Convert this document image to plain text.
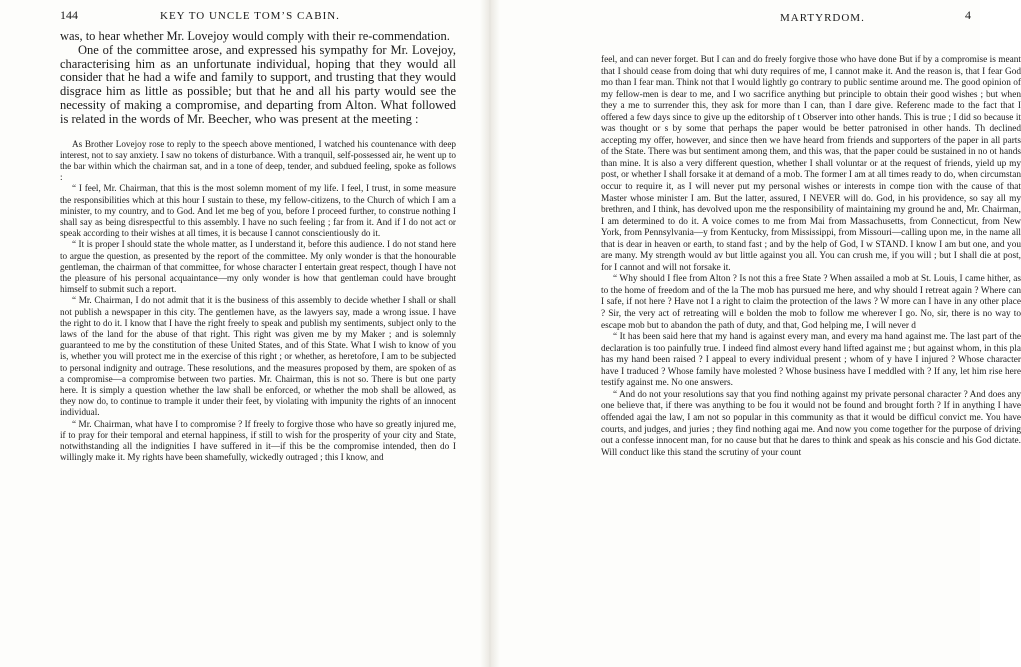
144	KEY TO UNCLE TOM’S CABIN.

was, to hear whether Mr. Lovejoy would comply with their re-commendation.

One of the committee arose, and expressed his sympathy for Mr. Lovejoy, characterising him as an unfortunate individual, hoping that they would all consider that he had a wife and family to support, and trusting that they would disgrace him as little as possible; but that he and all his party would see the necessity of making a compromise, and departing from Alton. What followed is related in the words of Mr. Beecher, who was present at the meeting :

As Brother Lovejoy rose to reply to the speech above mentioned, I watched his countenance with deep interest, not to say anxiety. I saw no tokens of disturbance. With a tranquil, self-possessed air, he went up to the bar within which the chairman sat, and in a tone of deep, tender, and subdued feeling, spoke as follows :

“ I feel, Mr. Chairman, that this is the most solemn moment of my life. I feel, I trust, in some measure the responsibilities which at this hour I sustain to these, my fellow-citizens, to the Church of which I am a minister, to my country, and to God. And let me beg of you, before I proceed further, to construe nothing I shall say as being disrespectful to this assembly. I have no such feeling ; far from it. And if I do not act or speak according to their wishes at all times, it is because I cannot conscientiously do it.

“ It is proper I should state the whole matter, as I understand it, before this audience. I do not stand here to argue the question, as presented by the report of the committee. My only wonder is that the honourable gentleman, the chairman of that committee, for whose character I entertain great respect, though I have not the pleasure of his personal acquaintance—my only wonder is how that gentleman could have brought himself to submit such a report.

“ Mr. Chairman, I do not admit that it is the business of this assembly to decide whether I shall or shall not publish a newspaper in this city. The gentlemen have, as the lawyers say, made a wrong issue. I have the right to do it. I know that I have the right freely to speak and publish my sentiments, subject only to the laws of the land for the abuse of that right. This right was given me by my Maker ; and is solemnly guaranteed to me by the constitution of these United States, and of this State. What I wish to know of you is, whether you will protect me in the exercise of this right ; or whether, as heretofore, I am to be subjected to personal indignity and outrage. These resolutions, and the measures proposed by them, are spoken of as a compromise—a compromise between two parties. Mr. Chairman, this is not so. There is but one party here. It is simply a question whether the law shall be enforced, or whether the mob shall be allowed, as they now do, to continue to trample it under their feet, by violating with impunity the rights of an innocent individual.

“ Mr. Chairman, what have I to compromise ? If freely to forgive those who have so greatly injured me, if to pray for their temporal and eternal happiness, if still to wish for the prosperity of your city and State, notwithstanding all the indignities I have suffered in it—if this be the compromise intended, then do I willingly make it. My rights have been shamefully, wickedly outraged ; this I know, and

MARTYRDOM.	4

feel, and can never forget. But I can and do freely forgive those who have done But if by a compromise is meant that I should cease from doing that whi duty requires of me, I cannot make it. And the reason is, that I fear God mo than I fear man. Think not that I would lightly go contrary to public sentime around me. The good opinion of my fellow-men is dear to me, and I wo sacrifice anything but principle to obtain their good wishes ; but when they a me to surrender this, they ask for more than I can, than I dare give. Referenc made to the fact that I offered a few days since to give up the editorship of t Observer into other hands. This is true ; I did so because it was thought or s by some that perhaps the paper would be better patronised in other hands. Th declined accepting my offer, however, and since then we have heard from friends and supporters of the paper in all parts of the State. There was but sentiment among them, and this was, that the paper could be sustained in no ot hands than mine. It is also a very different question, whether I shall voluntar or at the request of friends, yield up my post, or whether I shall forsake it at demand of a mob. The former I am at all times ready to do, when circumstan occur to require it, as I will never put my personal wishes or interests in compe tion with the cause of that Master whose minister I am. But the latter, assured, I NEVER will do. God, in his providence, so say all my brethren, and I think, has devolved upon me the responsibility of maintaining my ground he and, Mr. Chairman, I am determined to do it. A voice comes to me from Mai from Massachusetts, from Connecticut, from New York, from Pennsylvania—y from Kentucky, from Mississippi, from Missouri—calling upon me, in the name all that is dear in heaven or earth, to stand fast ; and by the help of God, I w STAND. I know I am but one, and you are many. My strength would av but little against you all. You can crush me, if you will ; but I shall die at post, for I cannot and will not forsake it.

“ Why should I flee from Alton ? Is not this a free State ? When assailed a mob at St. Louis, I came hither, as to the home of freedom and of the la The mob has pursued me here, and why should I retreat again ? Where can I safe, if not here ? Have not I a right to claim the protection of the laws ? W more can I have in any other place ? Sir, the very act of retreating will e bolden the mob to follow me wherever I go. No, sir, there is no way to escape mob but to abandon the path of duty, and that, God helping me, I will never d

“ It has been said here that my hand is against every man, and every ma hand against me. The last part of the declaration is too painfully true. I indeed find almost every hand lifted against me ; but against whom, in this pla has my hand been raised ? I appeal to every individual present ; whom of y have I injured ? Whose character have I traduced ? Whose family have molested ? Whose business have I meddled with ? If any, let him rise here testify against me. No one answers.

“ And do not your resolutions say that you find nothing against my private personal character ? And does any one believe that, if there was anything to be fou it would not be found and brought forth ? If in anything I have offended agai the law, I am not so popular in this community as that it would be difficul convict me. You have courts, and judges, and juries ; they find nothing agai me. And now you come together for the purpose of driving out a confesse innocent man, for no cause but that he dares to think and speak as his conscie and his God dictate. Will conduct like this stand the scrutiny of your count
